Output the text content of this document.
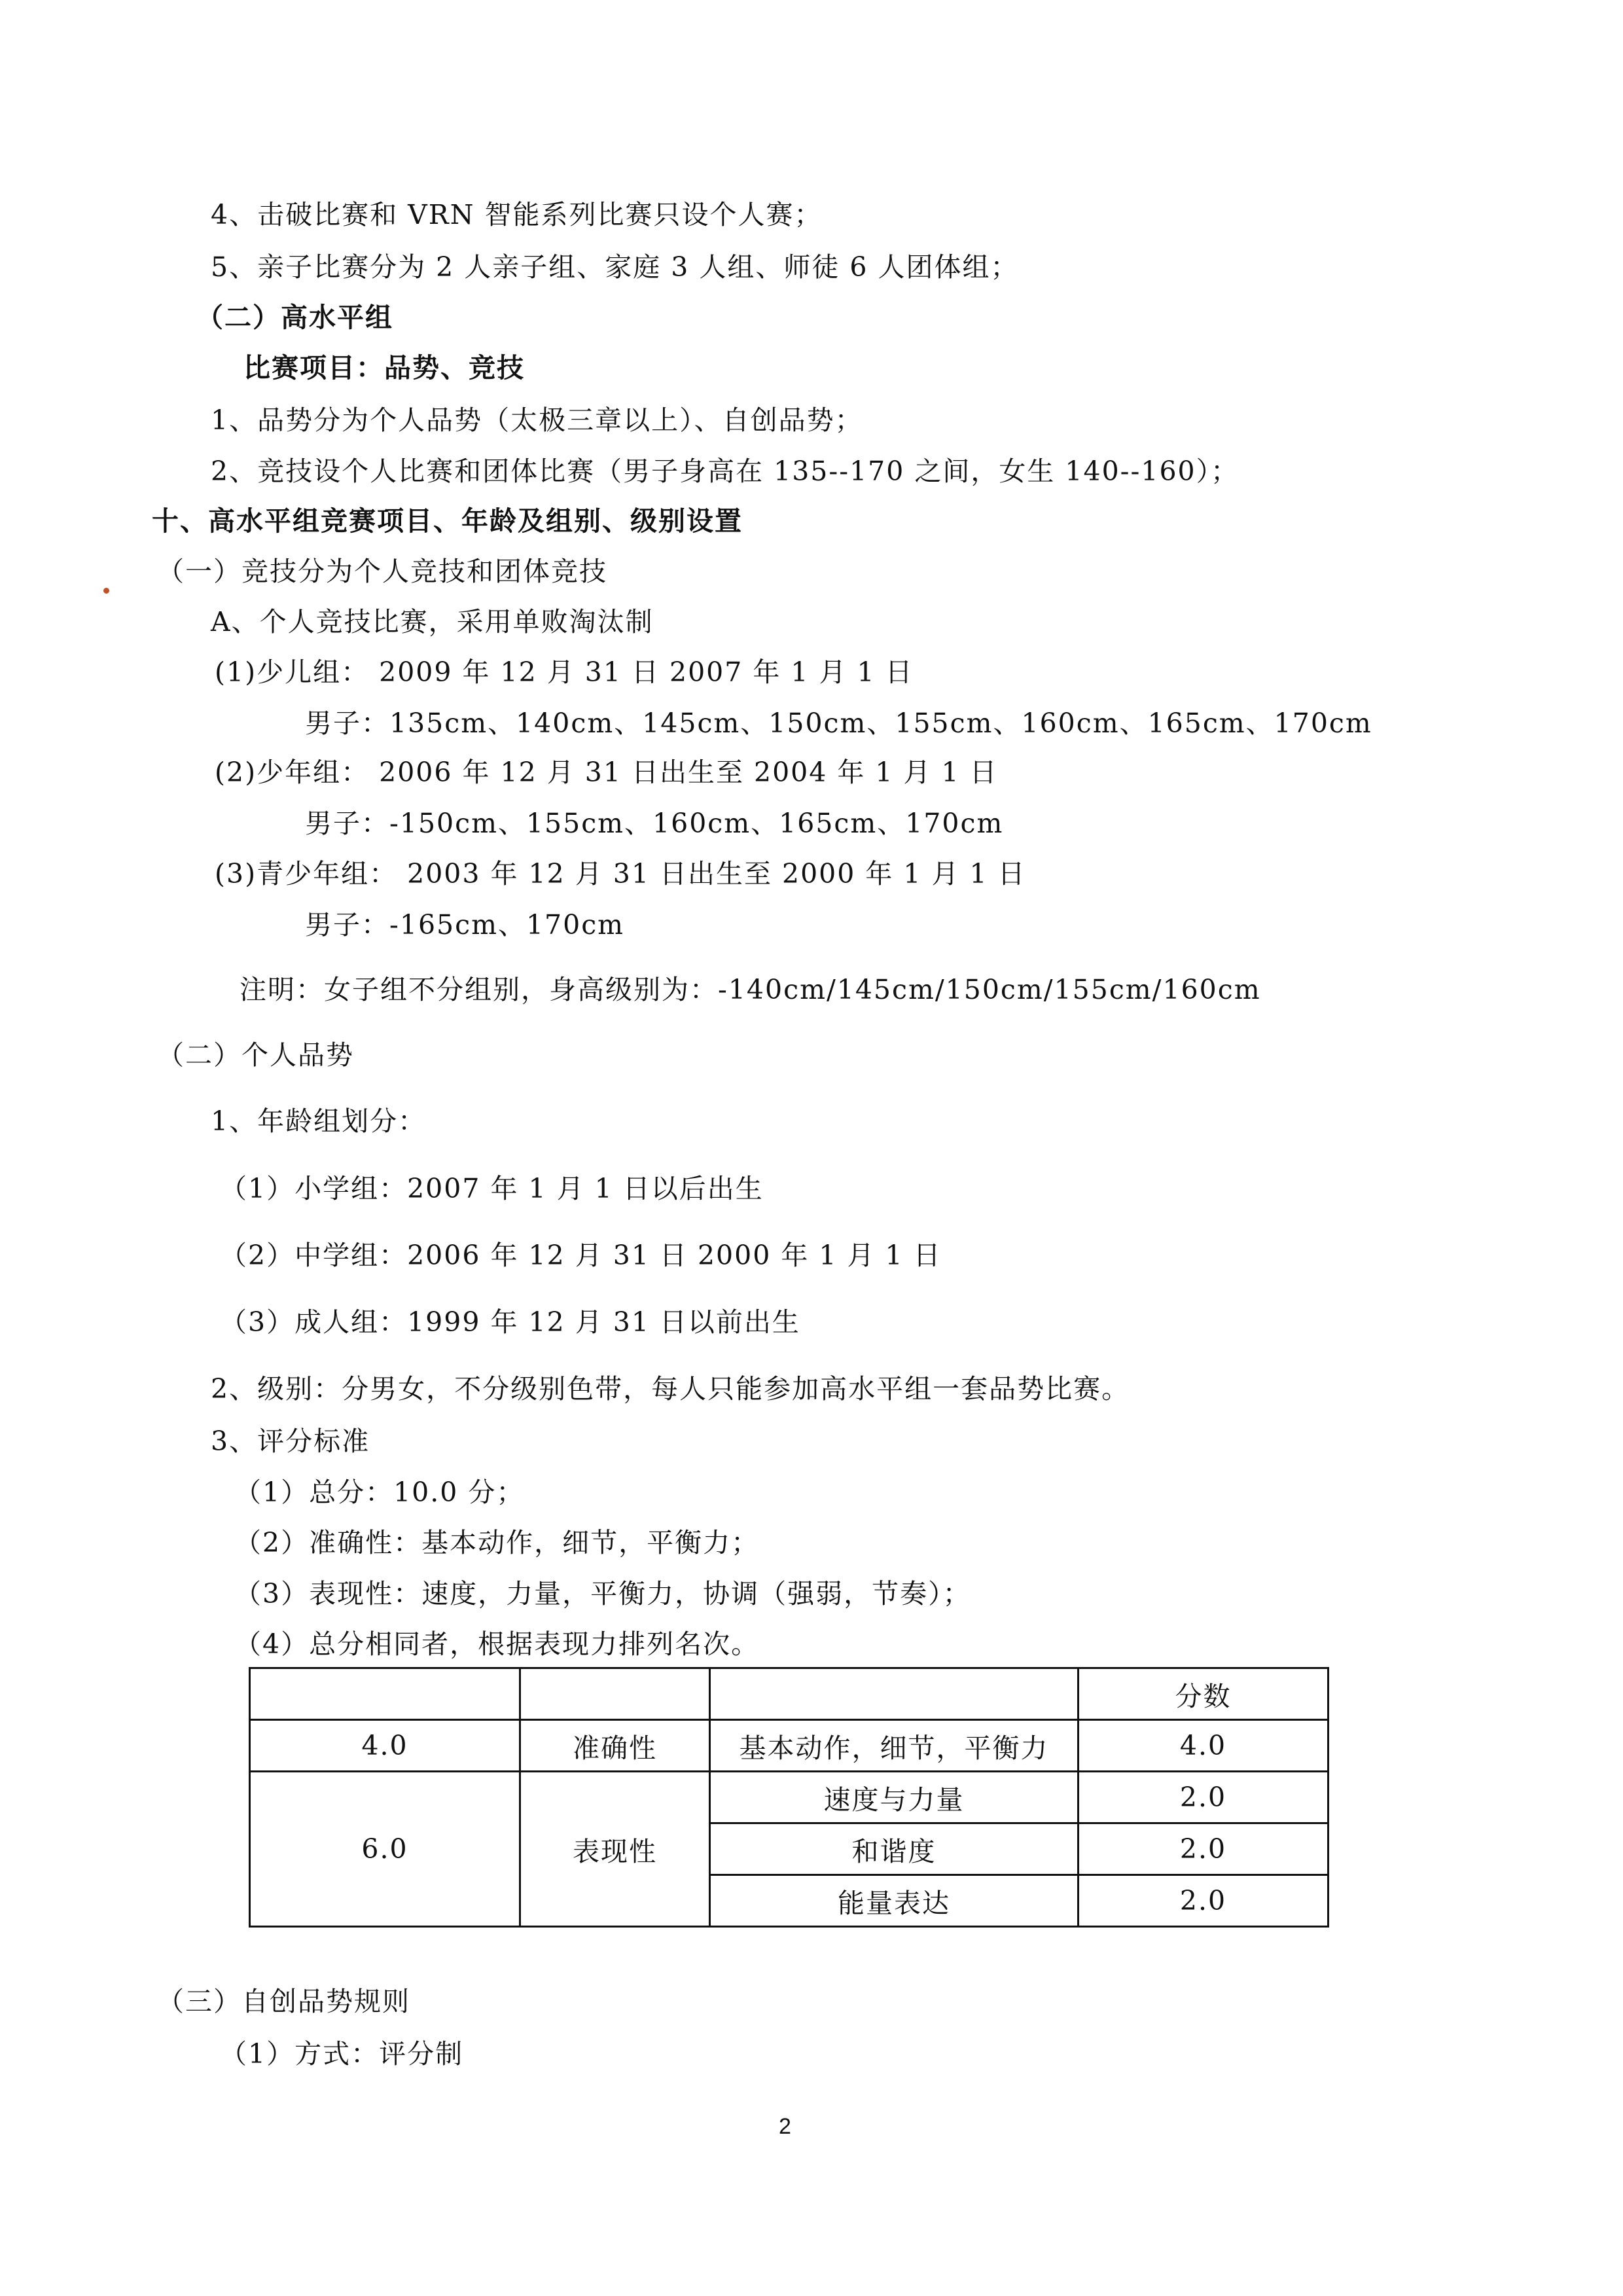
4、击破比赛和 VRN 智能系列比赛只设个人赛；
5、亲子比赛分为 2 人亲子组、家庭 3 人组、师徒 6 人团体组；
（二）高水平组
比赛项目：品势、竞技
1、品势分为个人品势（太极三章以上）、自创品势；
2、竞技设个人比赛和团体比赛（男子身高在 135--170 之间，女生 140--160）；
十、高水平组竞赛项目、年龄及组别、级别设置
（一）竞技分为个人竞技和团体竞技
A、个人竞技比赛，采用单败淘汰制
(1)少儿组： 2009 年 12 月 31 日 2007 年 1 月 1 日
男子：135cm、140cm、145cm、150cm、155cm、160cm、165cm、170cm
(2)少年组： 2006 年 12 月 31 日出生至 2004 年 1 月 1 日
男子：-150cm、155cm、160cm、165cm、170cm
(3)青少年组： 2003 年 12 月 31 日出生至 2000 年 1 月 1 日
男子：-165cm、170cm
注明：女子组不分组别，身高级别为：-140cm/145cm/150cm/155cm/160cm
（二）个人品势
1、年龄组划分：
（1）小学组：2007 年 1 月 1 日以后出生
（2）中学组：2006 年 12 月 31 日 2000 年 1 月 1 日
（3）成人组：1999 年 12 月 31 日以前出生
2、级别：分男女，不分级别色带，每人只能参加高水平组一套品势比赛。
3、评分标准
（1）总分：10.0 分；
（2）准确性：基本动作，细节，平衡力；
（3）表现性：速度，力量，平衡力，协调（强弱，节奏）；
（4）总分相同者，根据表现力排列名次。
			分数
4.0	准确性	基本动作，细节，平衡力	4.0
6.0	表现性	速度与力量	2.0
		和谐度	2.0
		能量表达	2.0
（三）自创品势规则
（1）方式：评分制
2
